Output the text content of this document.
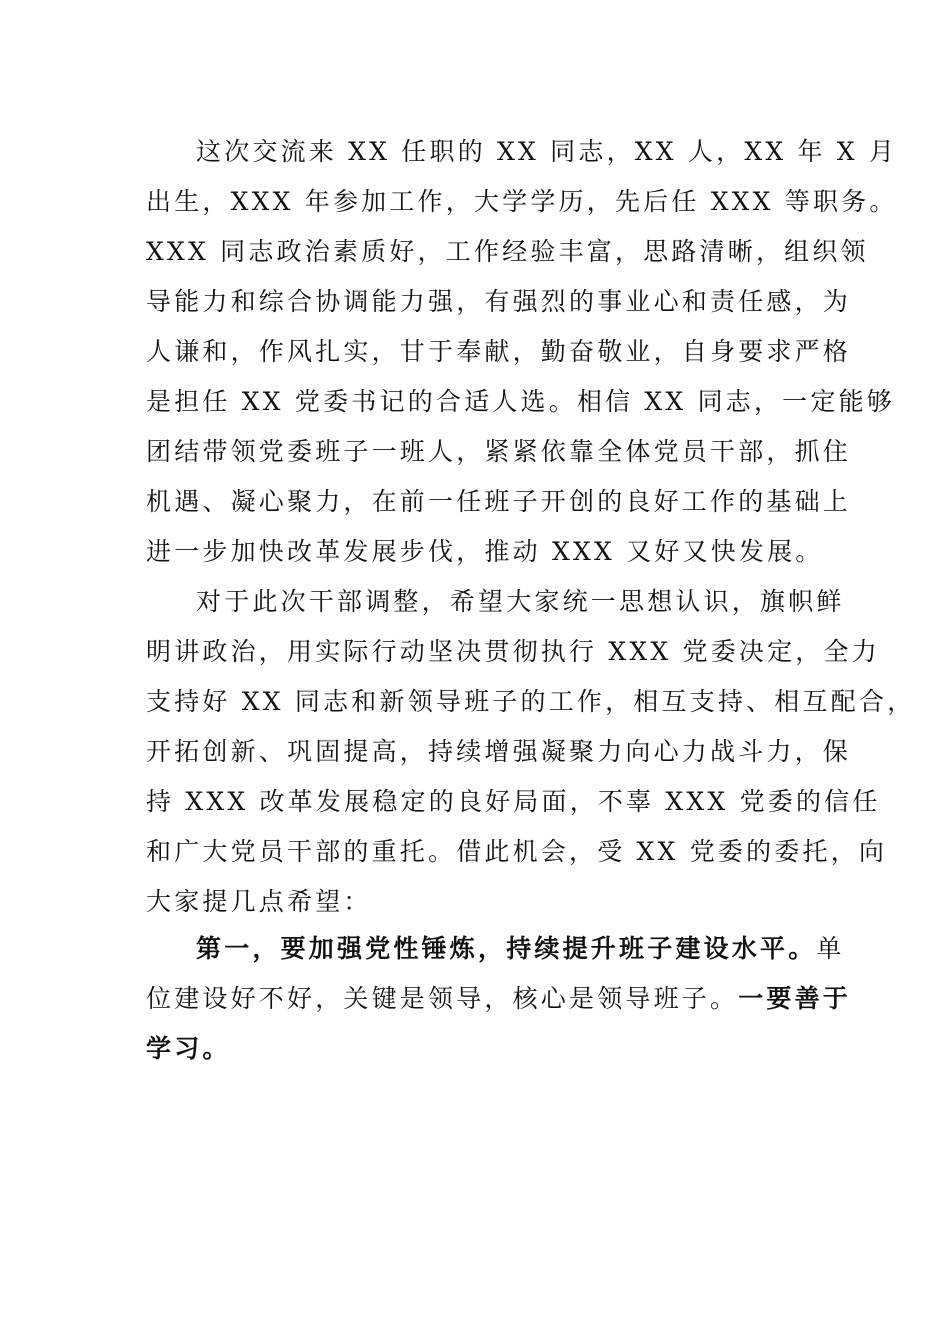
这次交流来 XX 任职的 XX 同志，XX 人，XX 年 X 月
出生，XXX 年参加工作，大学学历，先后任 XXX 等职务。
XXX 同志政治素质好，工作经验丰富，思路清晰，组织领
导能力和综合协调能力强，有强烈的事业心和责任感，为
人谦和，作风扎实，甘于奉献，勤奋敬业，自身要求严格
是担任 XX 党委书记的合适人选。相信 XX 同志，一定能够
团结带领党委班子一班人，紧紧依靠全体党员干部，抓住
机遇、凝心聚力，在前一任班子开创的良好工作的基础上
进一步加快改革发展步伐，推动 XXX 又好又快发展。
对于此次干部调整，希望大家统一思想认识，旗帜鲜
明讲政治，用实际行动坚决贯彻执行 XXX 党委决定，全力
支持好 XX 同志和新领导班子的工作，相互支持、相互配合，
开拓创新、巩固提高，持续增强凝聚力向心力战斗力，保
持 XXX 改革发展稳定的良好局面，不辜 XXX 党委的信任
和广大党员干部的重托。借此机会，受 XX 党委的委托，向
大家提几点希望：
第一，要加强党性锤炼，持续提升班子建设水平。单
位建设好不好，关键是领导，核心是领导班子。一要善于
学习。
